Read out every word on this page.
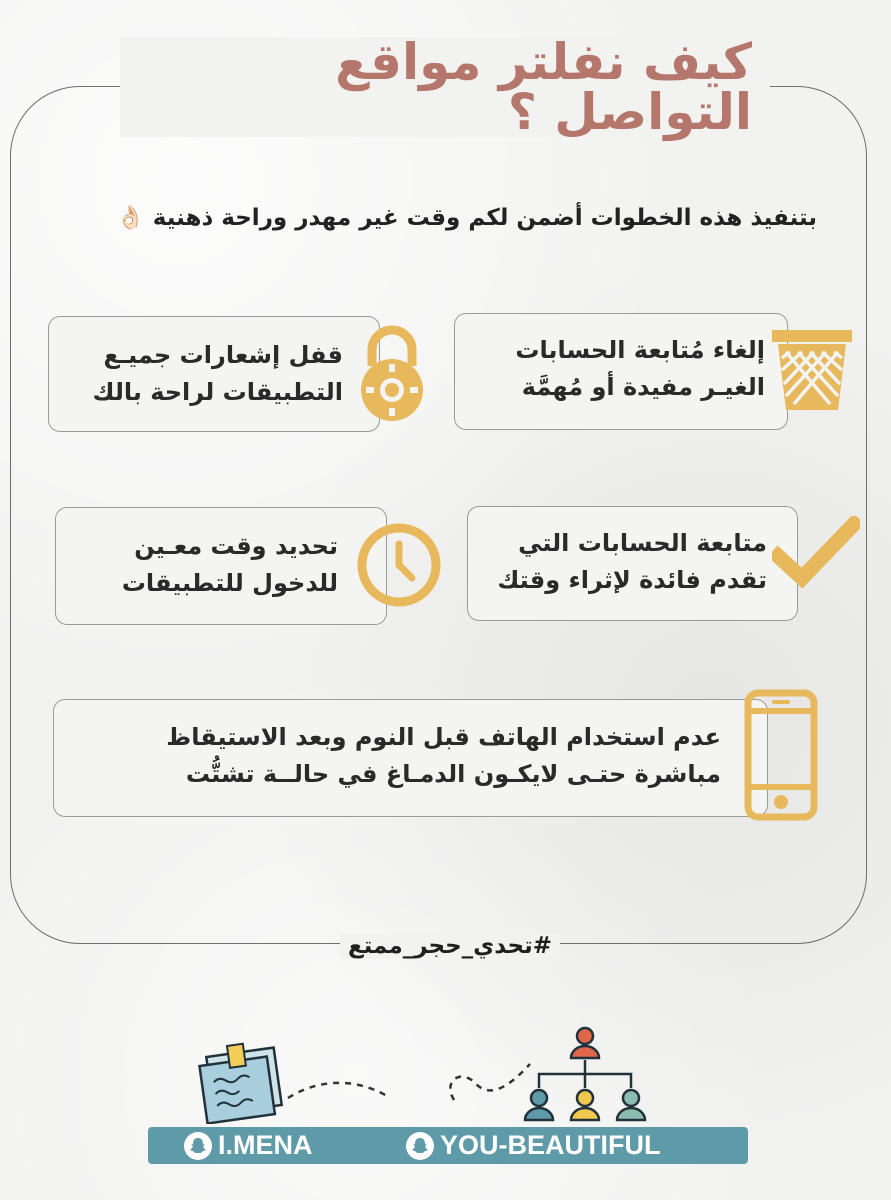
كيف نفلتر مواقع التواصل ؟
بتنفيذ هذه الخطوات أضمن لكم وقت غير مهدر وراحة ذهنية 👌🏻
إلغاء مُتابعة الحسابات
الغيـر مفيدة أو مُهمَّة
قفل إشعارات جميـع
التطبيقات لراحة بالك
متابعة الحسابات التي
تقدم فائدة لإثراء وقتك
تحديد وقت معـين
للدخول للتطبيقات
عدم استخدام الهاتف قبل النوم وبعد الاستيقاظ
مباشرة حتـى لايكـون الدمـاغ في حالــة تشتُّت
#تحدي_حجر_ممتع
I.MENA	YOU-BEAUTIFUL
